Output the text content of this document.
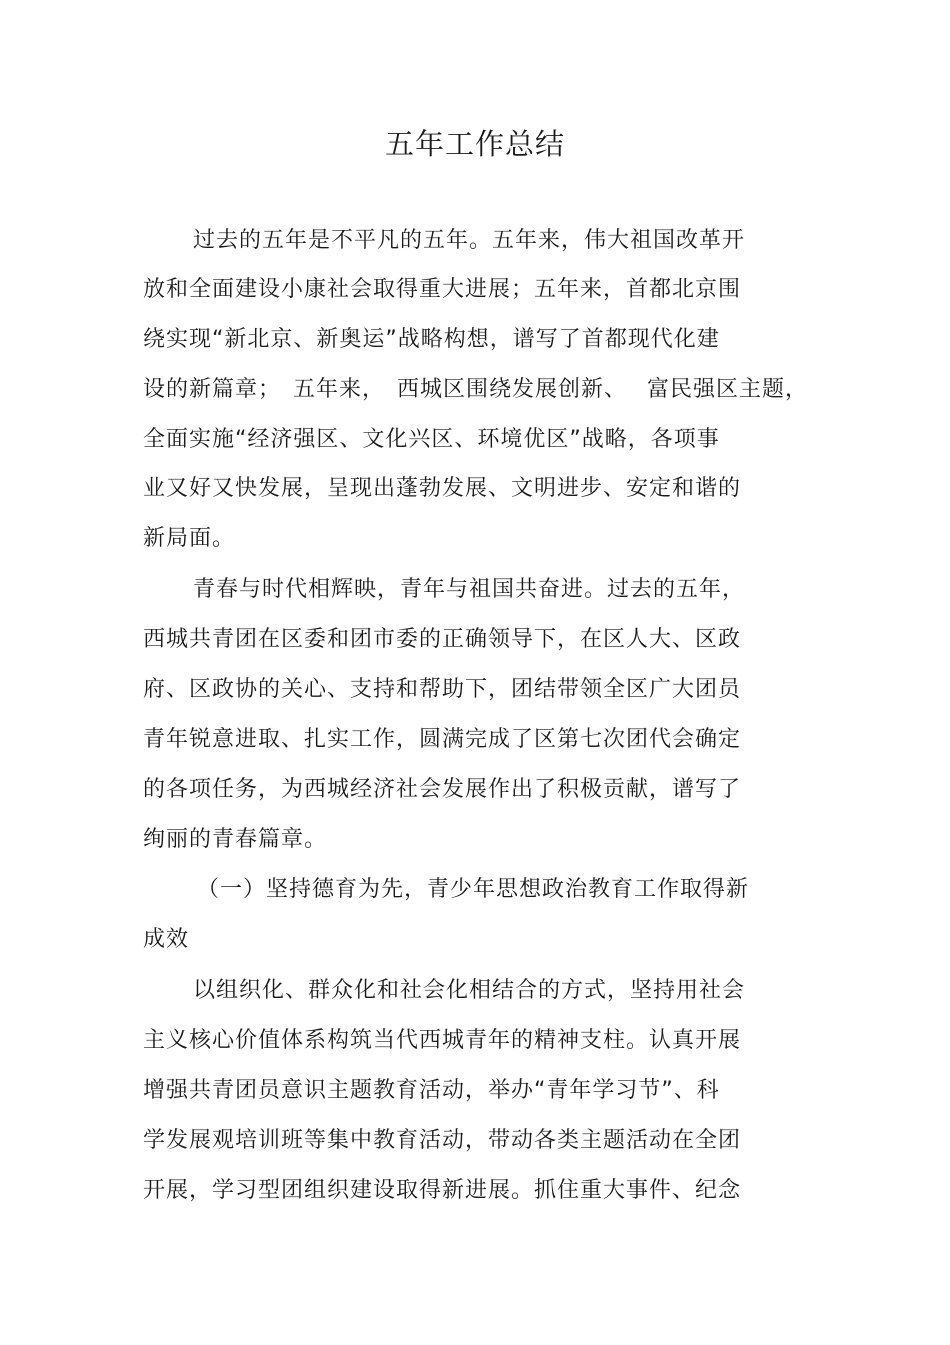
五年工作总结
过去的五年是不平凡的五年。五年来，伟大祖国改革开
放和全面建设小康社会取得重大进展；五年来，首都北京围
绕实现“新北京、新奥运”战略构想，谱写了首都现代化建
设的新篇章；　五年来，　西城区围绕发展创新、　 富民强区主题，
全面实施“经济强区、文化兴区、环境优区”战略，各项事
业又好又快发展，呈现出蓬勃发展、文明进步、安定和谐的
新局面。
青春与时代相辉映，青年与祖国共奋进。过去的五年，
西城共青团在区委和团市委的正确领导下，在区人大、区政
府、区政协的关心、支持和帮助下，团结带领全区广大团员
青年锐意进取、扎实工作，圆满完成了区第七次团代会确定
的各项任务，为西城经济社会发展作出了积极贡献，谱写了
绚丽的青春篇章。
（一）坚持德育为先，青少年思想政治教育工作取得新
成效
以组织化、群众化和社会化相结合的方式，坚持用社会
主义核心价值体系构筑当代西城青年的精神支柱。认真开展
增强共青团员意识主题教育活动，举办“青年学习节”、科
学发展观培训班等集中教育活动，带动各类主题活动在全团
开展，学习型团组织建设取得新进展。抓住重大事件、纪念
